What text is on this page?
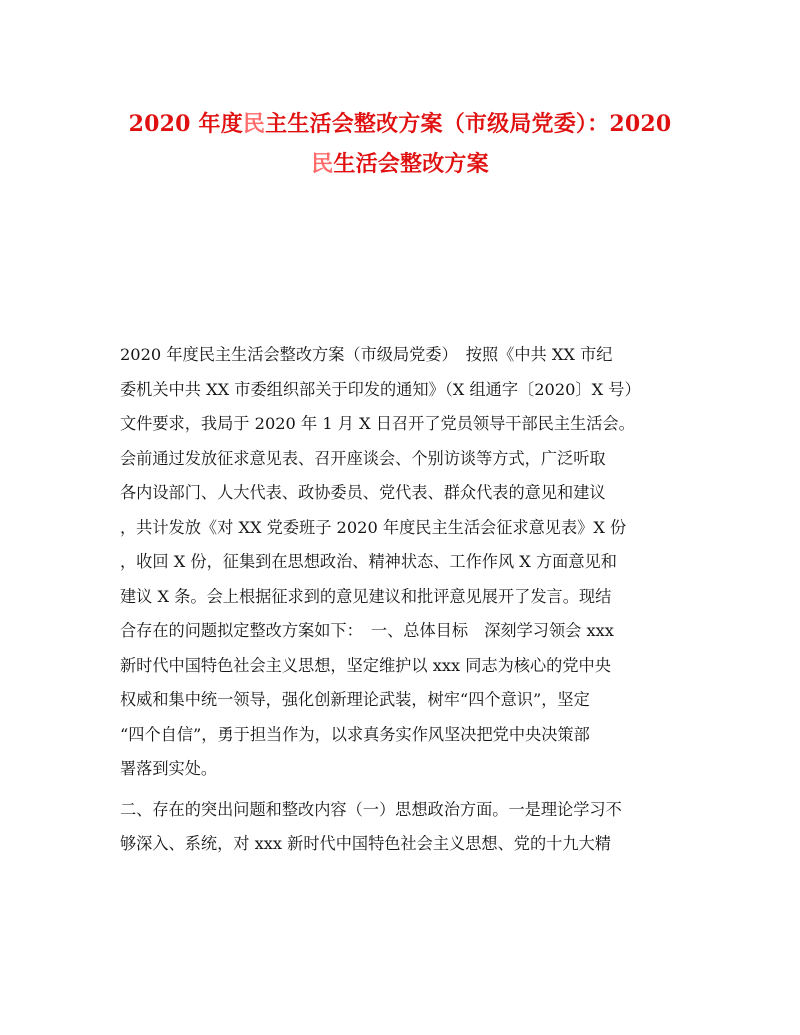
2020 年度民主生活会整改方案（市级局党委）：2020
民生活会整改方案
2020 年度民主生活会整改方案（市级局党委）　按照《中共 XX 市纪
委机关中共 XX 市委组织部关于印发的通知》（X 组通字〔2020〕X 号）
文件要求，我局于 2020 年 1 月 X 日召开了党员领导干部民主生活会。
会前通过发放征求意见表、召开座谈会、个别访谈等方式，广泛听取
各内设部门、人大代表、政协委员、党代表、群众代表的意见和建议
，共计发放《对 XX 党委班子 2020 年度民主生活会征求意见表》X 份
，收回 X 份，征集到在思想政治、精神状态、工作作风 X 方面意见和
建议 X 条。会上根据征求到的意见建议和批评意见展开了发言。现结
合存在的问题拟定整改方案如下：　一、总体目标　深刻学习领会 xxx
新时代中国特色社会主义思想，坚定维护以 xxx 同志为核心的党中央
权威和集中统一领导，强化创新理论武装，树牢“四个意识”，坚定
“四个自信”，勇于担当作为，以求真务实作风坚决把党中央决策部
署落到实处。
二、存在的突出问题和整改内容（一）思想政治方面。一是理论学习不
够深入、系统，对 xxx 新时代中国特色社会主义思想、党的十九大精
